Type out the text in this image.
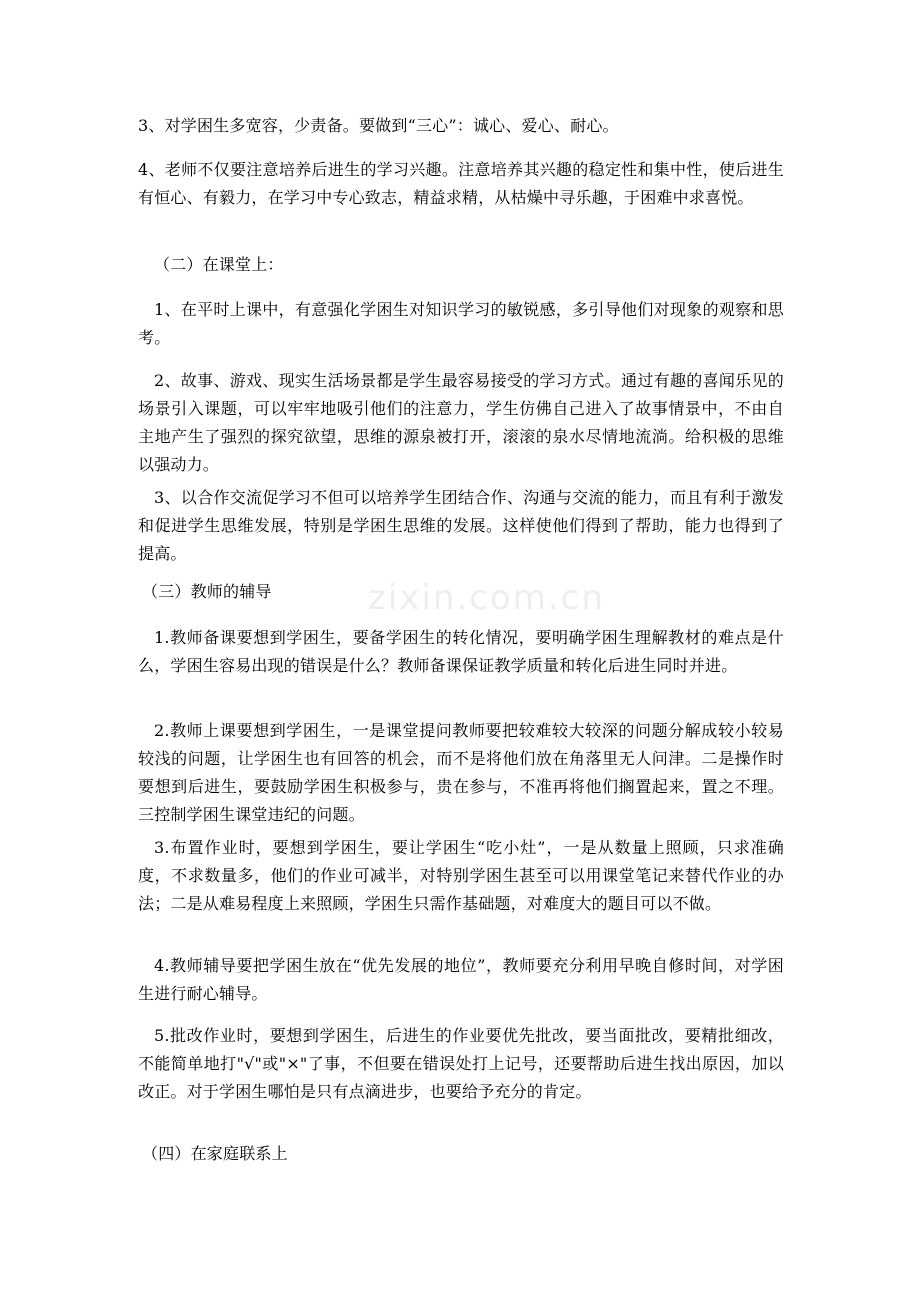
zixin.com.cn

3、对学困生多宽容，少责备。要做到“三心”：诚心、爱心、耐心。

4、老师不仅要注意培养后进生的学习兴趣。注意培养其兴趣的稳定性和集中性，使后进生有恒心、有毅力，在学习中专心致志，精益求精，从枯燥中寻乐趣，于困难中求喜悦。

（二）在课堂上：

1、在平时上课中，有意强化学困生对知识学习的敏锐感，多引导他们对现象的观察和思考。

2、故事、游戏、现实生活场景都是学生最容易接受的学习方式。通过有趣的喜闻乐见的场景引入课题，可以牢牢地吸引他们的注意力，学生仿佛自己进入了故事情景中，不由自主地产生了强烈的探究欲望，思维的源泉被打开，滚滚的泉水尽情地流淌。给积极的思维以强动力。

3、以合作交流促学习不但可以培养学生团结合作、沟通与交流的能力，而且有利于激发和促进学生思维发展，特别是学困生思维的发展。这样使他们得到了帮助，能力也得到了提高。

（三）教师的辅导

1.教师备课要想到学困生，要备学困生的转化情况，要明确学困生理解教材的难点是什么，学困生容易出现的错误是什么？教师备课保证教学质量和转化后进生同时并进。

2.教师上课要想到学困生，一是课堂提问教师要把较难较大较深的问题分解成较小较易较浅的问题，让学困生也有回答的机会，而不是将他们放在角落里无人问津。二是操作时要想到后进生，要鼓励学困生积极参与，贵在参与，不准再将他们搁置起来，置之不理。三控制学困生课堂违纪的问题。

3.布置作业时，要想到学困生，要让学困生“吃小灶”，一是从数量上照顾，只求准确度，不求数量多，他们的作业可减半，对特别学困生甚至可以用课堂笔记来替代作业的办法；二是从难易程度上来照顾，学困生只需作基础题，对难度大的题目可以不做。

4.教师辅导要把学困生放在“优先发展的地位”，教师要充分利用早晚自修时间，对学困生进行耐心辅导。

5.批改作业时，要想到学困生，后进生的作业要优先批改，要当面批改，要精批细改，不能简单地打"√"或"×"了事，不但要在错误处打上记号，还要帮助后进生找出原因，加以改正。对于学困生哪怕是只有点滴进步，也要给予充分的肯定。

（四）在家庭联系上
